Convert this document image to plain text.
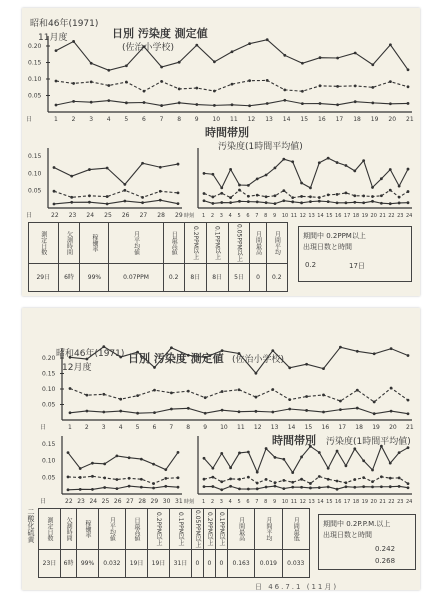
0.20
0.15
0.10
0.05
1 2 3 4 5 6 7 8 9 10 11 12 13 14 15 16 17 18 19 20 21
日
0.15
0.10
0.05
22 23 24 25 26 27 28 29
日	1 2 3 4 5 6 7 8 9 10 11 12 13 14 15 16 17 18 19 20 21 22 23 24
時刻
昭和46年(1971)
11月度	日別 汚染度 測定値
(佐治小学校)
時間帯別
汚染度(1時間平均値)
測定日数	欠測時間	稼働率	月平均値	日最高値	0.2PPM以上	0.1PPM以上	0.05PPM以上	月間最高	月間平均
29日	6時	99%	0.07PPM	0.2	8日	8日	5日	0	0.2
期間中 0.2PPM以上
出現日数と時間
0.2	17日
0.20
0.15
0.10
0.05
1 2 3 4 5 6 7 8 9 10 11 12 13 14 15 16 17 18 19 20 21
日
0.15
0.10
0.05
22 23 24 25 26 27 28 29 30 31
日	1 2 3 4 5 6 7 8 9 10 11 12 13 14 15 16 17 18 19 20 21 22 23 24
時刻
昭和46年(1971)
12月度
日別 汚染度 測定値 (佐治小学校)
時間帯別 汚染度(1時間平均値)
二酸化硫黄 測定日数	欠測時間	稼働率	月平均値	日最高値	0.2PPM以上	0.1PPM以上	0.05PPM以上	0.2PPM以上	0.1PPM以上	月間最高	月間平均	月間最低
23日	6時	99%	0.032	19日	19日	31日	0	0	0	0.163	0.019	0.033
期間中 0.2P.P.M.以上
出現日数と時間
0.242
0.268
日 46.7.1 (11月)
